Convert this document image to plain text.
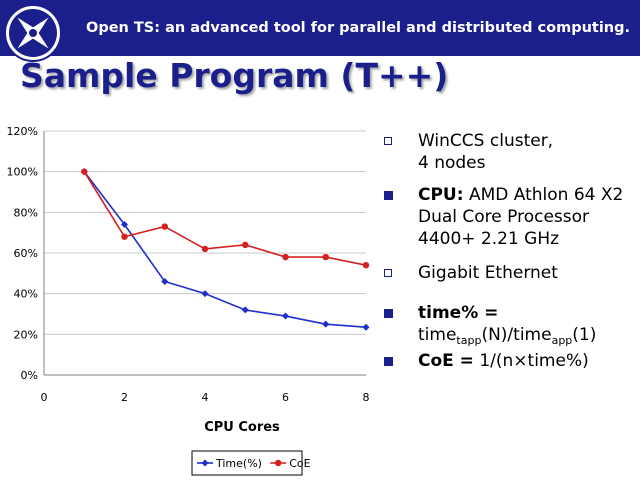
Open TS: an advanced tool for parallel and distributed computing.
Sample Program (T++)
0%
20%
40%
60%
80%
100%
120%
0	2	4	6	8
CPU Cores
Time(%) CoE
WinCCS cluster,
4 nodes
CPU: AMD Athlon 64 X2 Dual Core Processor 4400+ 2.21 GHz
Gigabit Ethernet
time% =
time$_{tapp}$(N)/time$_{app}$(1)
CoE = 1/(n×time%)
